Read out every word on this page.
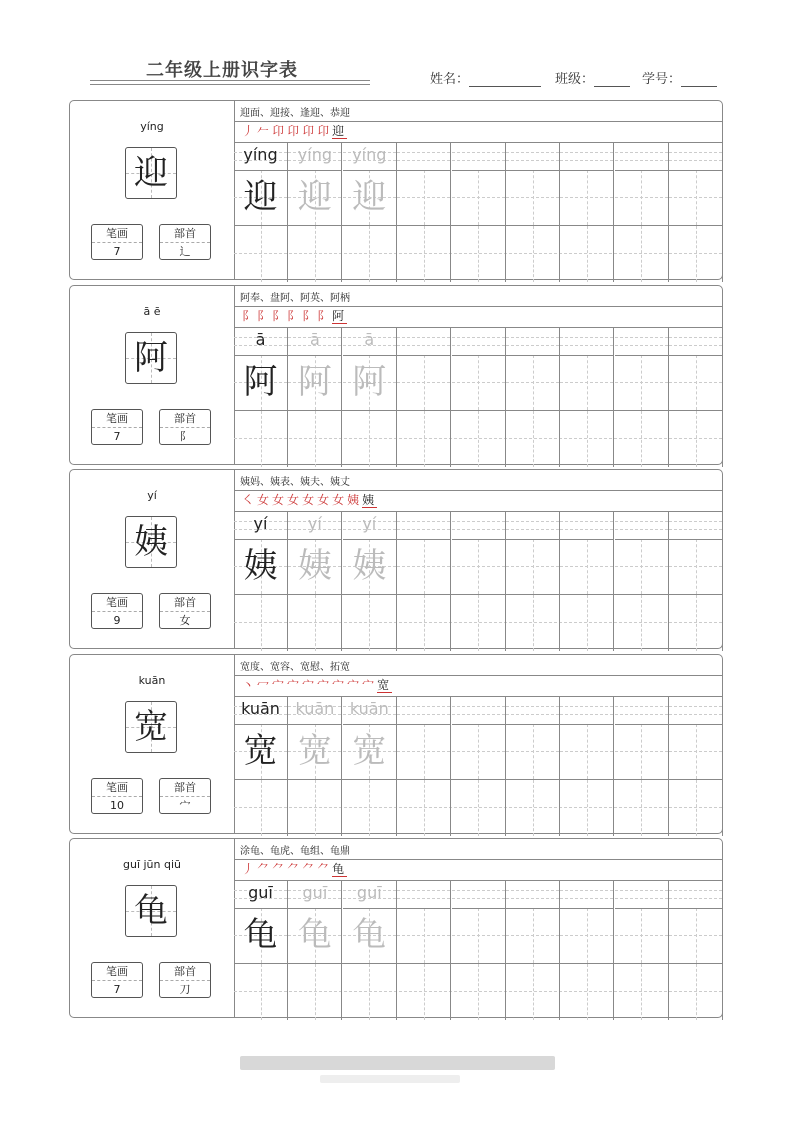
二年级上册识字表	姓名：	班级：	学号：
yíng
迎
笔画
7
部首
辶
迎面、迎接、逢迎、恭迎
丿𠂉卬卬卬卬迎
yíng
迎
yíng
迎
yíng
迎
ā ē
阿
笔画
7
部首
阝
阿奉、盘阿、阿英、阿柄
⻖阝阝阝阝阝阿
ā
阿
ā
阿
ā
阿
yí
姨
笔画
9
部首
女
姨妈、姨表、姨夫、姨丈
㇛女女女女女女姨姨
yí
姨
yí
姨
yí
姨
kuān
宽
笔画
10
部首
宀
宽度、宽容、宽慰、拓宽
丶冖宀宀宀宀宀宀宀宽
kuān
宽
kuān
宽
kuān
宽
guī jūn qiū
龟
笔画
7
部首
刀
涂龟、龟虎、龟组、龟鼎
丿⺈⺈⺈⺈⺈龟
guī
龟
guī
龟
guī
龟
